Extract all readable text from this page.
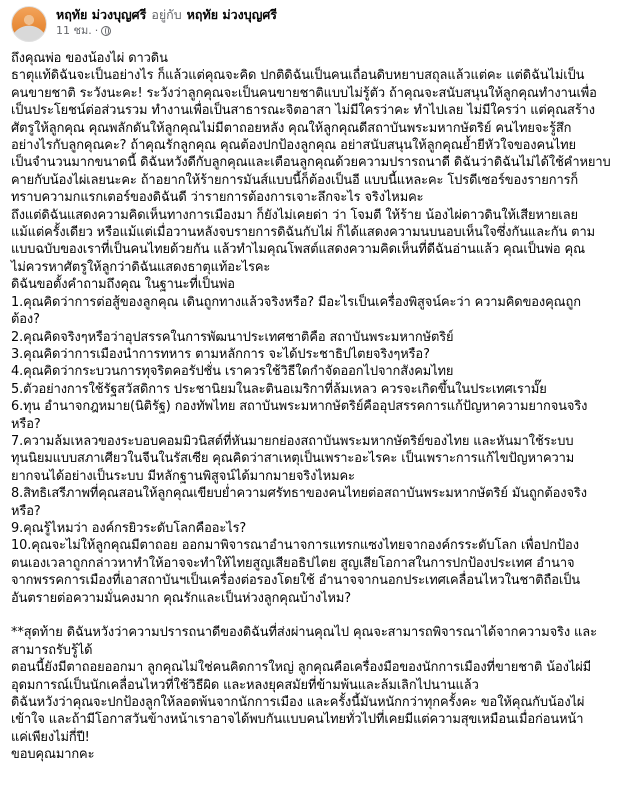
หฤทัย ม่วงบุญศรี อยู่กับ หฤทัย ม่วงบุญศรี
11 ชม. ·

ถึงคุณพ่อ ของน้องไผ่ ดาวดิน
ธาตุแท้ดิฉันจะเป็นอย่างไร ก็แล้วแต่คุณจะคิด ปกติดิฉันเป็นคนเถื่อนดิบหยาบสถุลแล้วแต่คะ แต่ดิฉันไม่เป็น
คนขายชาติ ระวังนะคะ! ระวังว่าลูกคุณจะเป็นคนขายชาติแบบไม่รู้ตัว ถ้าคุณจะสนับสนุนให้ลูกคุณทำงานเพื่อ
เป็นประโยชน์ต่อส่วนรวม ทำงานเพื่อเป็นสาธารณะจิตอาสา ไม่มีใครว่าคะ ทำไปเลย ไม่มีใครว่า แต่คุณสร้าง
ศัตรูให้ลูกคุณ คุณพลักดันให้ลูกคุณไม่มีตาถอยหลัง คุณให้ลูกคุณดีสถาบันพระมหากษัตริย์ คนไทยจะรู้สึก
อย่างไรกับลูกคุณคะ? ถ้าคุณรักลูกคุณ คุณต้องปกป้องลูกคุณ อย่าสนับสนุนให้ลูกคุณย้ำยีหัวใจของคนไทย
เป็นจำนวนมากขนาดนี้ ดิฉันหวังดีกับลูกคุณและเตือนลูกคุณด้วยความปรารถนาดี ดิฉันว่าดิฉันไม่ได้ใช้คำหยาบ
คายกับน้องไผ่เลยนะคะ ถ้าอยากให้ร้ายการมันส์แบบนี้ก็ต้องเป็นอี แบบนี้แหละคะ โปรดีเซอร์ของรายการก็
ทราบความกแรกเตอร์ของดิฉันดี ว่ารายการต้องการเจาะลึกจะไร จริงไหมคะ
ถึงแต่ดิฉันแสดงความคิดเห็นทางการเมืองมา ก็ยังไม่เคยด่า ว่า โจมตี ให้ร้าย น้องไผ่ดาวดินให้เสียหายเลย
แม้แต่ครั้งเดียว หรือแม้แต่เมื่อวานหลังจบรายการดิฉันกับไผ่ ก็ได้แสดงความนบนอบเห็นใจซึ่งกันและกัน ตาม
แบบฉบับของเราที่เป็นคนไทยด้วยกัน แล้วทำไมคุณโพสต์แสดงความคิดเห็นที่ดีฉันอ่านแล้ว คุณเป็นพ่อ คุณ
ไม่ควรหาศัตรูให้ลูกว่าดิฉันแสดงธาตุแท้อะไรคะ
ดิฉันขอตั้งคำถามถึงคุณ ในฐานะที่เป็นพ่อ
1.คุณคิดว่าการต่อสู้ของลูกคุณ เดินถูกทางแล้วจริงหรือ? มีอะไรเป็นเครื่องพิสูจน์คะว่า ความคิดของคุณถูก
ต้อง?
2.คุณคิดจริงๆหรือว่าอุปสรรคในการพัฒนาประเทศชาติคือ สถาบันพระมหากษัตริย์
3.คุณคิดว่าการเมืองนำการทหาร ตามหลักการ จะได้ประชาธิปไตยจริงๆหรือ?
4.คุณคิดว่ากระบวนการทุจริตคอรัปชั่น เราควรใช้วิธีใดกำจัดออกไปจากสังคมไทย
5.ตัวอย่างการใช้รัฐสวัสดิการ ประชานิยมในละตินอเมริกาที่ล้มเหลว ควรจะเกิดขึ้นในประเทศเรามั๊ย
6.ทุน อำนาจกฎหมาย(นิติรัฐ) กองทัพไทย สถาบันพระมหากษัตริย์คืออุปสรรคการแก้ปัญหาความยากจนจริง
หรือ?
7.ความล้มเหลวของระบอบคอมมิวนิสต์ที่หันมายกย่องสถาบันพระมหากษัตริย์ของไทย และหันมาใช้ระบบ
ทุนนิยมแบบสภาเศียวในจีนในรัสเซีย คุณคิดว่าสาเหตุเป็นเพราะอะไรคะ เป็นเพราะการแก้ไขปัญหาความ
ยากจนได้อย่างเป็นระบบ มีหลักฐานพิสูจน์ได้มากมายจริงไหมคะ
8.สิทธิเสรีภาพที่คุณสอนให้ลูกคุณเขียบย่ำความศรัทธาของคนไทยต่อสถาบันพระมหากษัตริย์ มันถูกต้องจริง
หรือ?
9.คุณรู้ไหมว่า องค์กรยิวระดับโลกคืออะไร?
10.คุณจะไม่ให้ลูกคุณมีตาถอย ออกมาพิจารณาอำนาจการแทรกแซงไทยจากองค์กรระดับโลก เพื่อปกป้อง
ตนเองเวลาถูกกล่าวหาทำให้อาจจะทำให้ไทยสูญเสียอธิปไตย สูญเสียโอกาสในการปกป้องประเทศ อำนาจ
จากพรรคการเมืองที่เอาสถาบันฯเป็นเครื่องต่อรองโดยใช้ อำนาจจากนอกประเทศเคลื่อนไหวในชาติถือเป็น
อันตรายต่อความมั่นคงมาก คุณรักและเป็นห่วงลูกคุณบ้างไหม?

**สุดท้าย ดิฉันหวังว่าความปรารถนาดีของดิฉันที่ส่งผ่านคุณไป คุณจะสามารถพิจารณาได้จากความจริง และ
สามารถรับรู้ได้
ตอนนี้ยังมีตาถอยออกมา ลูกคุณไม่ใช่คนคิดการใหญ่ ลูกคุณคือเครื่องมือของนักการเมืองที่ขายชาติ น้องไผ่มี
อุดมการณ์เป็นนักเคลื่อนไหวที่ใช้วิธีผิด และหลงยุคสมัยที่ข้ามพ้นและล้มเลิกไปนานแล้ว
ดิฉันหวังว่าคุณจะปกป้องลูกให้ลอดพ้นจากนักการเมือง และครั้งนี้มันหนักกว่าทุกครั้งคะ ขอให้คุณกับน้องไผ่
เข้าใจ และถ้ามีโอกาสวันข้างหน้าเราอาจได้พบกันแบบคนไทยทั่วไปที่เคยมีแต่ความสุขเหมือนเมื่อก่อนหน้า
แค่เพียงไม่กี่ปี!
ขอบคุณมากคะ
